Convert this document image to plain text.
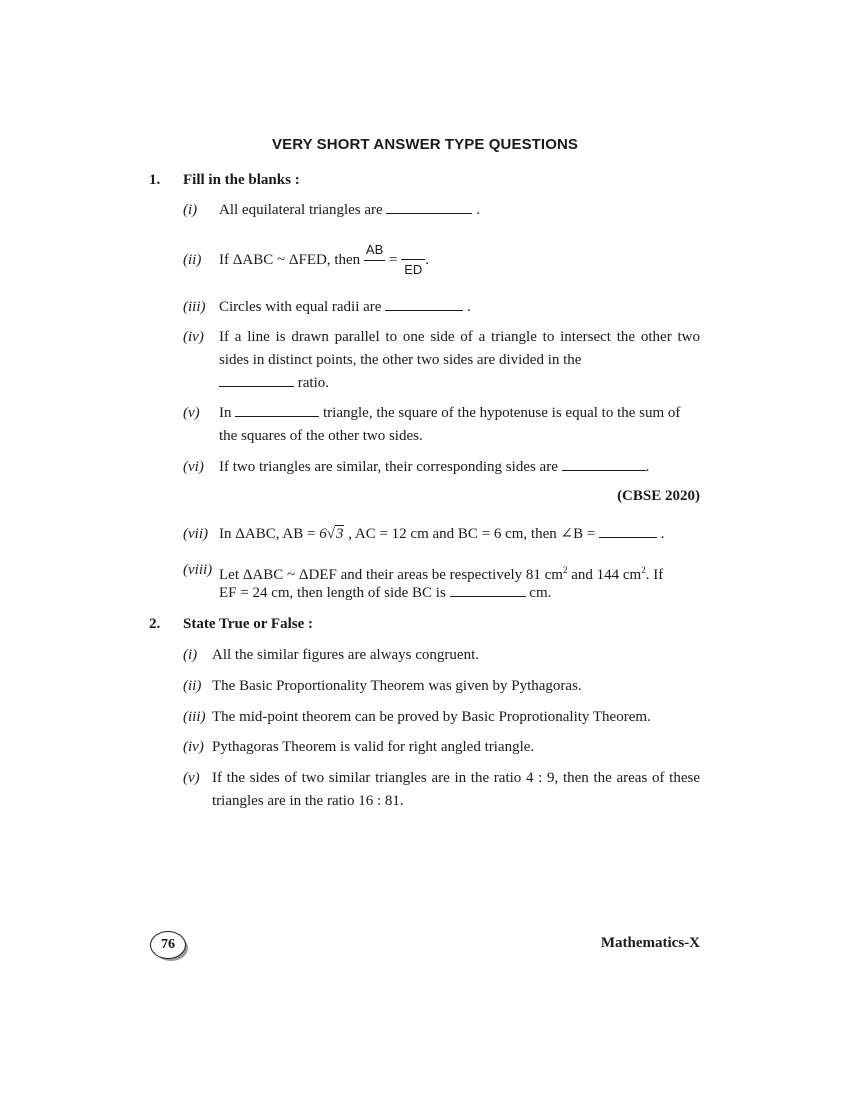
VERY SHORT ANSWER TYPE QUESTIONS
1. Fill in the blanks :
(i) All equilateral triangles are	.
(ii) If ΔABC ~ ΔFED, then
AB

=
ED
.
(iii) Circles with equal radii are	.
(iv) If a line is drawn parallel to one side of a triangle to intersect the other two sides in distinct points, the other two sides are divided in the
ratio.
(v) In	triangle, the square of the hypotenuse is equal to the sum of the squares of the other two sides.
(vi) If two triangles are similar, their corresponding sides are	.
(CBSE 2020)
(vii) In ΔABC, AB = 6√3 , AC = 12 cm and BC = 6 cm, then ∠B =	.
(viii) Let ΔABC ~ ΔDEF and their areas be respectively 81 $cm^2$ and 144 $cm^2$. If
EF = 24 cm, then length of side BC is	cm.
2. State True or False :
(i) All the similar figures are always congruent.
(ii) The Basic Proportionality Theorem was given by Pythagoras.
(iii) The mid-point theorem can be proved by Basic Proprotionality Theorem.
(iv) Pythagoras Theorem is valid for right angled triangle.
(v) If the sides of two similar triangles are in the ratio 4 : 9, then the areas of these triangles are in the ratio 16 : 81.
76	Mathematics-X
